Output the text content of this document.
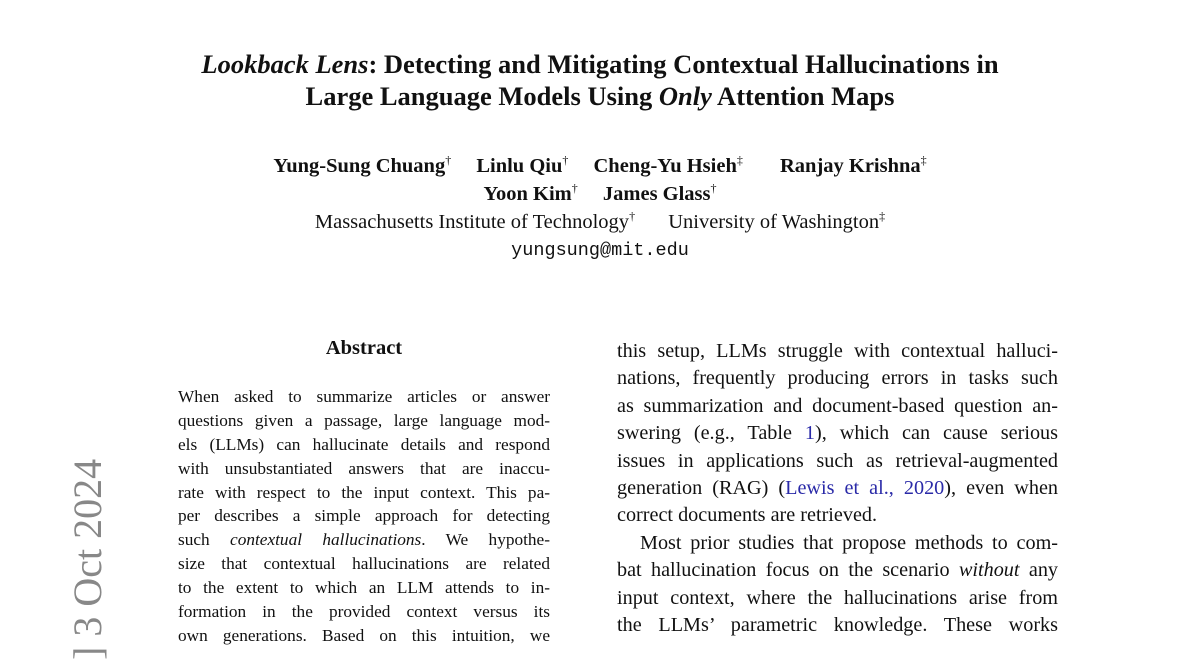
] 3 Oct 2024
Lookback Lens: Detecting and Mitigating Contextual Hallucinations in
Large Language Models Using Only Attention Maps
Yung-Sung Chuang† Linlu Qiu† Cheng-Yu Hsieh‡ Ranjay Krishna‡
Yoon Kim† James Glass†
Massachusetts Institute of Technology† University of Washington‡
yungsung@mit.edu
Abstract
When asked to summarize articles or answer
questions given a passage, large language mod-
els (LLMs) can hallucinate details and respond
with unsubstantiated answers that are inaccu-
rate with respect to the input context. This pa-
per describes a simple approach for detecting
such contextual hallucinations. We hypothe-
size that contextual hallucinations are related
to the extent to which an LLM attends to in-
formation in the provided context versus its
own generations. Based on this intuition, we
this setup, LLMs struggle with contextual halluci-
nations, frequently producing errors in tasks such
as summarization and document-based question an-
swering (e.g., Table 1), which can cause serious
issues in applications such as retrieval-augmented
generation (RAG) (Lewis et al., 2020), even when
correct documents are retrieved.
Most prior studies that propose methods to com-
bat hallucination focus on the scenario without any
input context, where the hallucinations arise from
the LLMs’ parametric knowledge. These works
